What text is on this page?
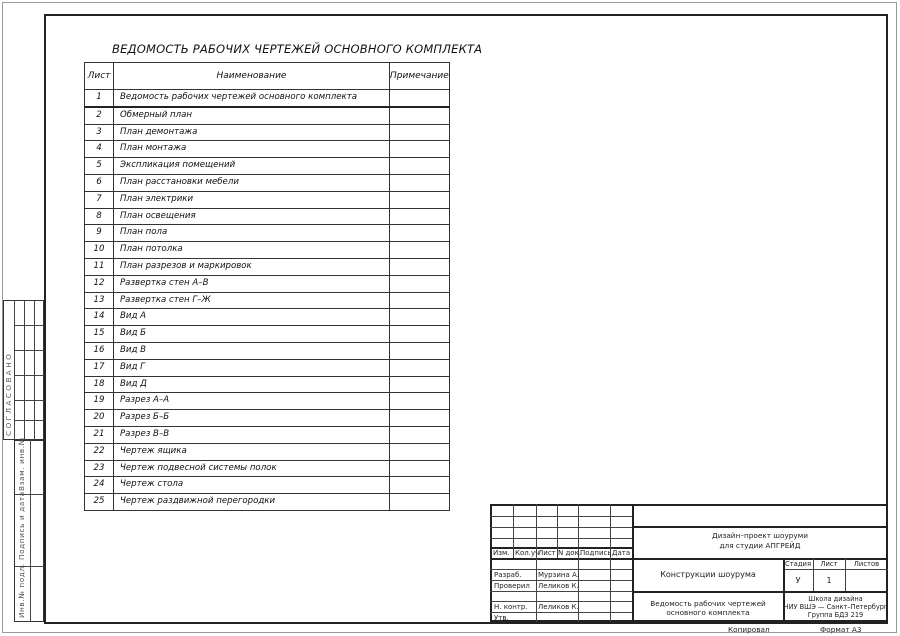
ВЕДОМОСТЬ РАБОЧИХ ЧЕРТЕЖЕЙ ОСНОВНОГО КОМПЛЕКТА
Лист	Наименование	Примечание
1	Ведомость рабочих чертежей основного комплекта	
2	Обмерный план	
3	План демонтажа	
4	План монтажа	
5	Экспликация помещений	
6	План расстановки мебели	
7	План электрики	
8	План освещения	
9	План пола	
10	План потолка	
11	План разрезов и маркировок	
12	Развертка стен А–В	
13	Развертка стен Г–Ж	
14	Вид А	
15	Вид Б	
16	Вид В	
17	Вид Г	
18	Вид Д	
19	Разрез А–А	
20	Разрез Б–Б	
21	Разрез В–В	
22	Чертеж ящика	
23	Чертеж подвесной системы полок	
24	Чертеж стола	
25	Чертеж раздвижной перегородки	
СОГЛАСОВАНО
Взам. инв.№
Подпись и дата
Инв.№ подл.
Изм. Кол.уч
Лист N док.
Подпись Дата
Разраб. Мурзина А.
Проверил Леликов К.
Н. контр. Леликов К.
Утв.
Дизайн–проект шоуруми
для студии АПГРЕЙД
Конструкции шоурума
Стадия	Лист	Листов
У	1
Ведомость рабочих чертежей
основного комплекта
Школа дизайна
НИУ ВШЭ — Санкт–Петербург
Группа БДЗ 219
Копировал	Формат А3
